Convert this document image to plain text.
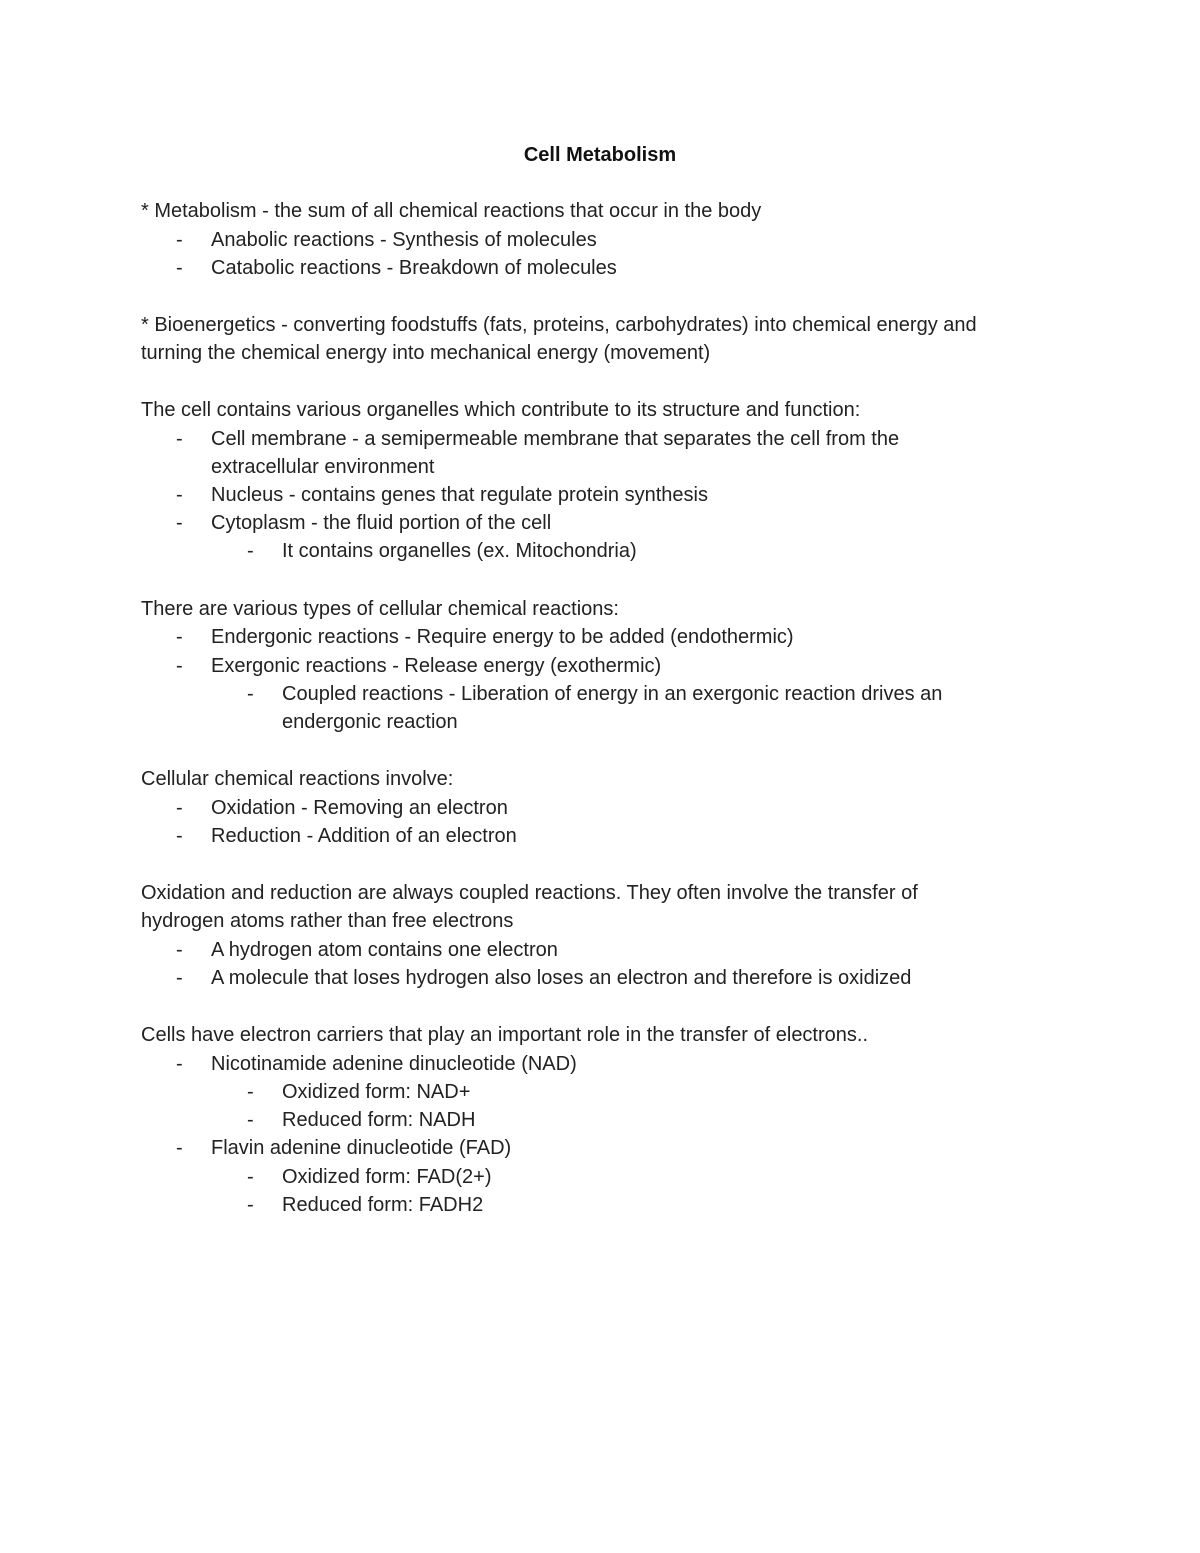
Cell Metabolism
* Metabolism - the sum of all chemical reactions that occur in the body
- Anabolic reactions - Synthesis of molecules
- Catabolic reactions - Breakdown of molecules
* Bioenergetics - converting foodstuffs (fats, proteins, carbohydrates) into chemical energy and
turning the chemical energy into mechanical energy (movement)
The cell contains various organelles which contribute to its structure and function:
- Cell membrane - a semipermeable membrane that separates the cell from the
extracellular environment
- Nucleus - contains genes that regulate protein synthesis
- Cytoplasm - the fluid portion of the cell
- It contains organelles (ex. Mitochondria)
There are various types of cellular chemical reactions:
- Endergonic reactions - Require energy to be added (endothermic)
- Exergonic reactions - Release energy (exothermic)
- Coupled reactions - Liberation of energy in an exergonic reaction drives an
endergonic reaction
Cellular chemical reactions involve:
- Oxidation - Removing an electron
- Reduction - Addition of an electron
Oxidation and reduction are always coupled reactions. They often involve the transfer of
hydrogen atoms rather than free electrons
- A hydrogen atom contains one electron
- A molecule that loses hydrogen also loses an electron and therefore is oxidized
Cells have electron carriers that play an important role in the transfer of electrons..
- Nicotinamide adenine dinucleotide (NAD)
- Oxidized form: NAD+
- Reduced form: NADH
- Flavin adenine dinucleotide (FAD)
- Oxidized form: FAD(2+)
- Reduced form: FADH2
